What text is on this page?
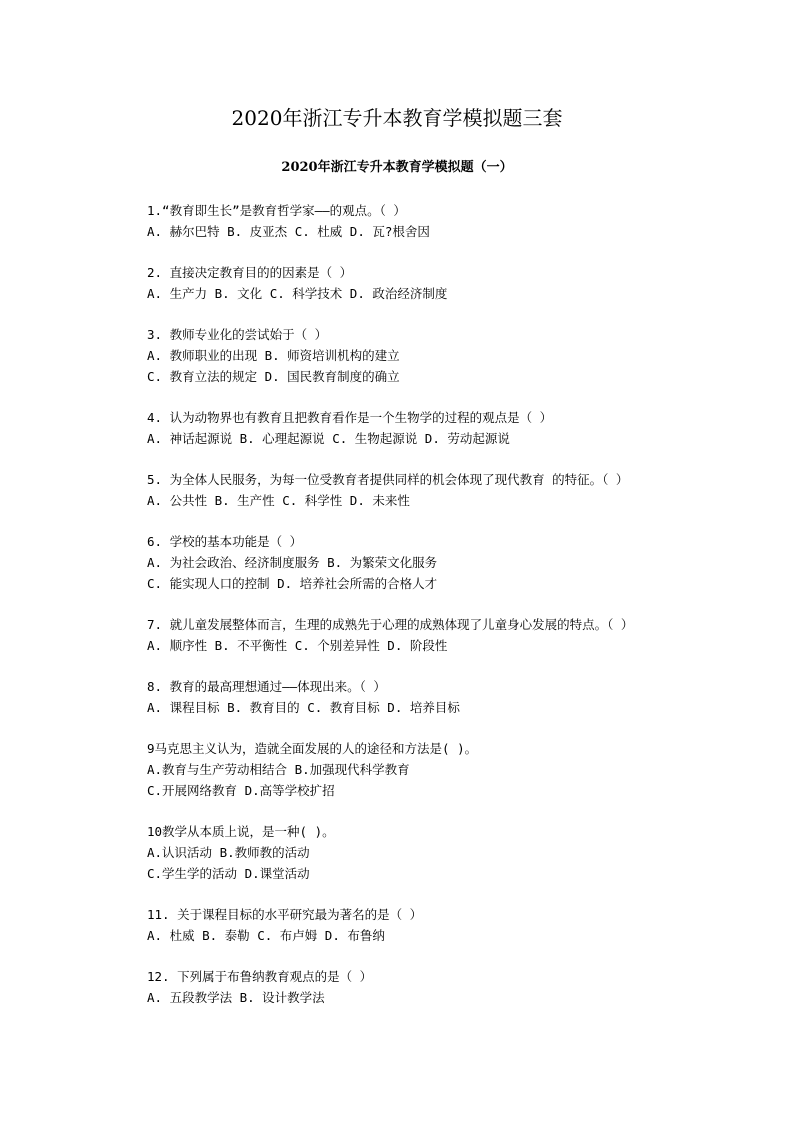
2020年浙江专升本教育学模拟题三套
2020年浙江专升本教育学模拟题（一）
1.“教育即生长”是教育哲学家——的观点。（ ）
A. 赫尔巴特 B. 皮亚杰 C. 杜威 D. 瓦?根舍因
2. 直接决定教育目的的因素是（ ）
A. 生产力 B. 文化 C. 科学技术 D. 政治经济制度
3. 教师专业化的尝试始于（ ）
A. 教师职业的出现 B. 师资培训机构的建立
C. 教育立法的规定 D. 国民教育制度的确立
4. 认为动物界也有教育且把教育看作是一个生物学的过程的观点是（ ）
A. 神话起源说 B. 心理起源说 C. 生物起源说 D. 劳动起源说
5. 为全体人民服务，为每一位受教育者提供同样的机会体现了现代教育 的特征。（ ）
A. 公共性 B. 生产性 C. 科学性 D. 未来性
6. 学校的基本功能是（ ）
A. 为社会政治、经济制度服务 B. 为繁荣文化服务
C. 能实现人口的控制 D. 培养社会所需的合格人才
7. 就儿童发展整体而言，生理的成熟先于心理的成熟体现了儿童身心发展的特点。（ ）
A. 顺序性 B. 不平衡性 C. 个别差异性 D. 阶段性
8. 教育的最高理想通过——体现出来。（ ）
A. 课程目标 B. 教育目的 C. 教育目标 D. 培养目标
9马克思主义认为，造就全面发展的人的途径和方法是( )。
A.教育与生产劳动相结合 B.加强现代科学教育
C.开展网络教育 D.高等学校扩招
10教学从本质上说，是一种( )。
A.认识活动 B.教师教的活动
C.学生学的活动 D.课堂活动
11. 关于课程目标的水平研究最为著名的是（ ）
A. 杜威 B. 泰勒 C. 布卢姆 D. 布鲁纳
12. 下列属于布鲁纳教育观点的是（ ）
A. 五段教学法 B. 设计教学法
